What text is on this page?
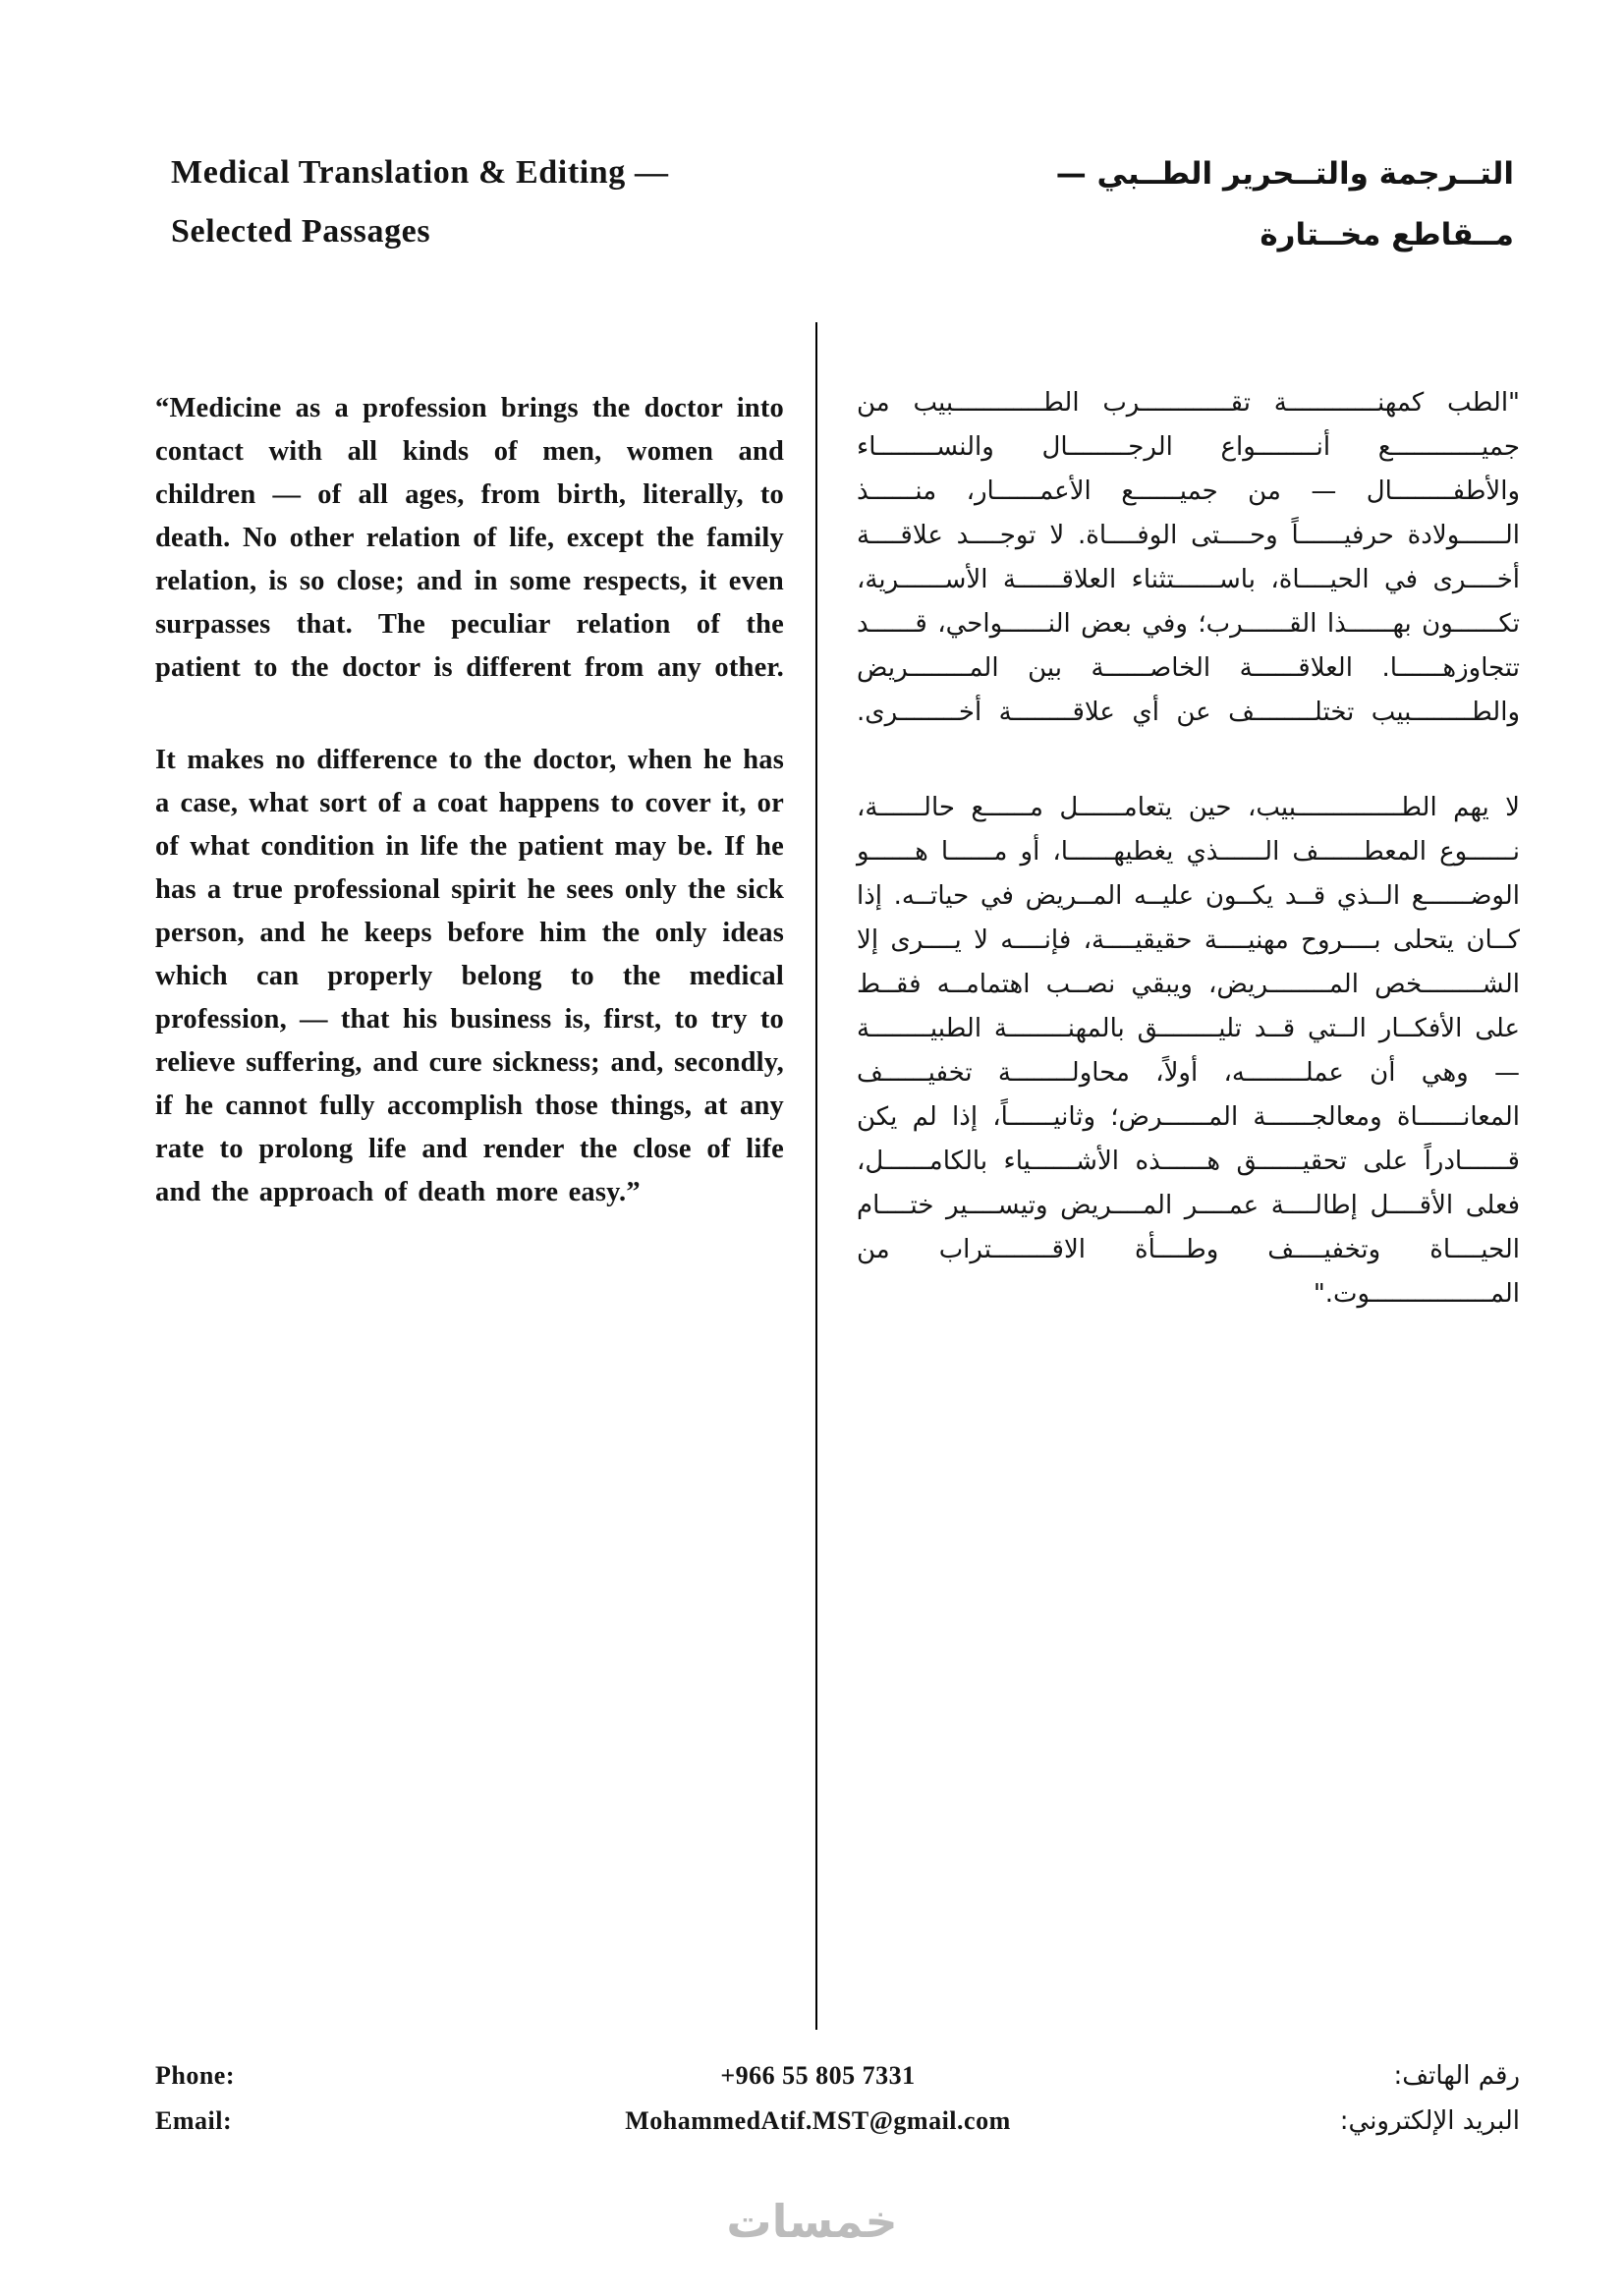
Medical Translation & Editing —
Selected Passages
التــرجمة والتــحرير الطــبي —
مــقاطع مخــتارة

“Medicine as a profession brings the doctor into contact with all kinds of men, women and children — of all ages, from birth, literally, to death. No other relation of life, except the family relation, is so close; and in some respects, it even surpasses that. The peculiar relation of the patient to the doctor is different from any other.

It makes no difference to the doctor, when he has a case, what sort of a coat happens to cover it, or of what condition in life the patient may be. If he has a true professional spirit he sees only the sick person, and he keeps before him the only ideas which can properly belong to the medical profession, — that his business is, first, to try to relieve suffering, and cure sickness; and, secondly, if he cannot fully accomplish those things, at any rate to prolong life and render the close of life and the approach of death more easy.”

"الطب كمهنــــــــــــة تقــــــــــــرب الطــــــــــــبيب من جميــــــــــــع أنــــــــواع الرجــــــــال والنســــــــاء والأطفــــــــال — من جميــــــع الأعمــــــار، منــــــذ الــــــولادة حرفيــــــاً وحــــتى الوفــــاة. لا توجــــد علاقــــة أخــــرى في الحيــــاة، باســــــتثناء العلاقــــــة الأســــــرية، تكــــــون بهــــــذا القــــــرب؛ وفي بعض النــــــواحي، قــــــد تتجاوزهــــــا. العلاقــــــة الخاصــــــة بين المــــــــريض والطــــــــبيب تختلــــــــف عن أي علاقــــــــة أخــــــــرى.

لا يهم الطــــــــــــــبيب، حين يتعامــــــل مــــــع حالــــــة، نــــــوع المعطــــــف الــــــذي يغطيهــــــا، أو مــــــا هــــــو الوضــــــع الــذي قــد يكــون عليــه المــريض في حياتــه. إذا كــان يتحلى بــــروح مهنيــــة حقيقيــــة، فإنــــه لا يــــرى إلا الشــــــــخص المــــــــريض، ويبقي نصــب اهتمامــه فقــط على الأفكــار الــتي قــد تليــــــــق بالمهنــــــــة الطبيــــــــة — وهي أن عملــــــــه، أولاً، محاولــــــــة تخفيــــــف المعانــــــاة ومعالجــــــة المــــــرض؛ وثانيــــــاً، إذا لم يكن قــــــادراً على تحقيــــــق هــــــذه الأشــــــياء بالكامــــــل، فعلى الأقــــل إطالــــة عمــــر المــــريض وتيســــير ختــــام الحيــــاة وتخفيــــف وطــــأة الاقــــــــتراب من المــــــــــــــــوت."

Phone:	+966 55 805 7331	رقم الهاتف:
Email:	MohammedAtif.MST@gmail.com	البريد الإلكتروني:
خمسات
